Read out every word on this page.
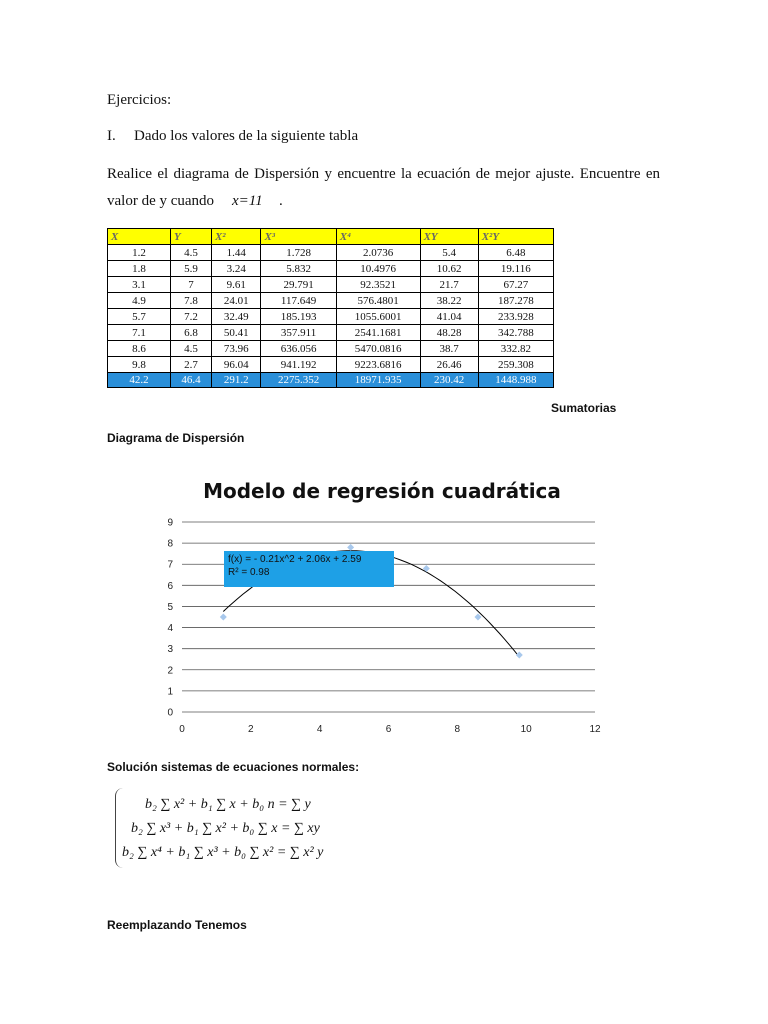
Ejercicios:
I. Dado los valores de la siguiente tabla
Realice el diagrama de Dispersión y encuentre la ecuación de mejor ajuste. Encuentre en
valor de y cuando x=11 .
X	Y	X²	X³	X⁴	XY	X²Y
1.2	4.5	1.44	1.728	2.0736	5.4	6.48
1.8	5.9	3.24	5.832	10.4976	10.62	19.116
3.1	7	9.61	29.791	92.3521	21.7	67.27
4.9	7.8	24.01	117.649	576.4801	38.22	187.278
5.7	7.2	32.49	185.193	1055.6001	41.04	233.928
7.1	6.8	50.41	357.911	2541.1681	48.28	342.788
8.6	4.5	73.96	636.056	5470.0816	38.7	332.82
9.8	2.7	96.04	941.192	9223.6816	26.46	259.308
42.2	46.4	291.2	2275.352	18971.935	230.42	1448.988
Sumatorias
Diagrama de Dispersión
Modelo de regresión cuadrática
0
1
2
3
4
5
6
7
8
9
0	2	4	6	8	10	12
f(x) = - 0.21x^2 + 2.06x + 2.59
R² = 0.98
Solución sistemas de ecuaciones normales:
b₂ ∑ x² + b₁ ∑ x + b₀ n = ∑ y
b₂ ∑ x³ + b₁ ∑ x² + b₀ ∑ x = ∑ xy
b₂ ∑ x⁴ + b₁ ∑ x³ + b₀ ∑ x² = ∑ x² y
Reemplazando Tenemos
